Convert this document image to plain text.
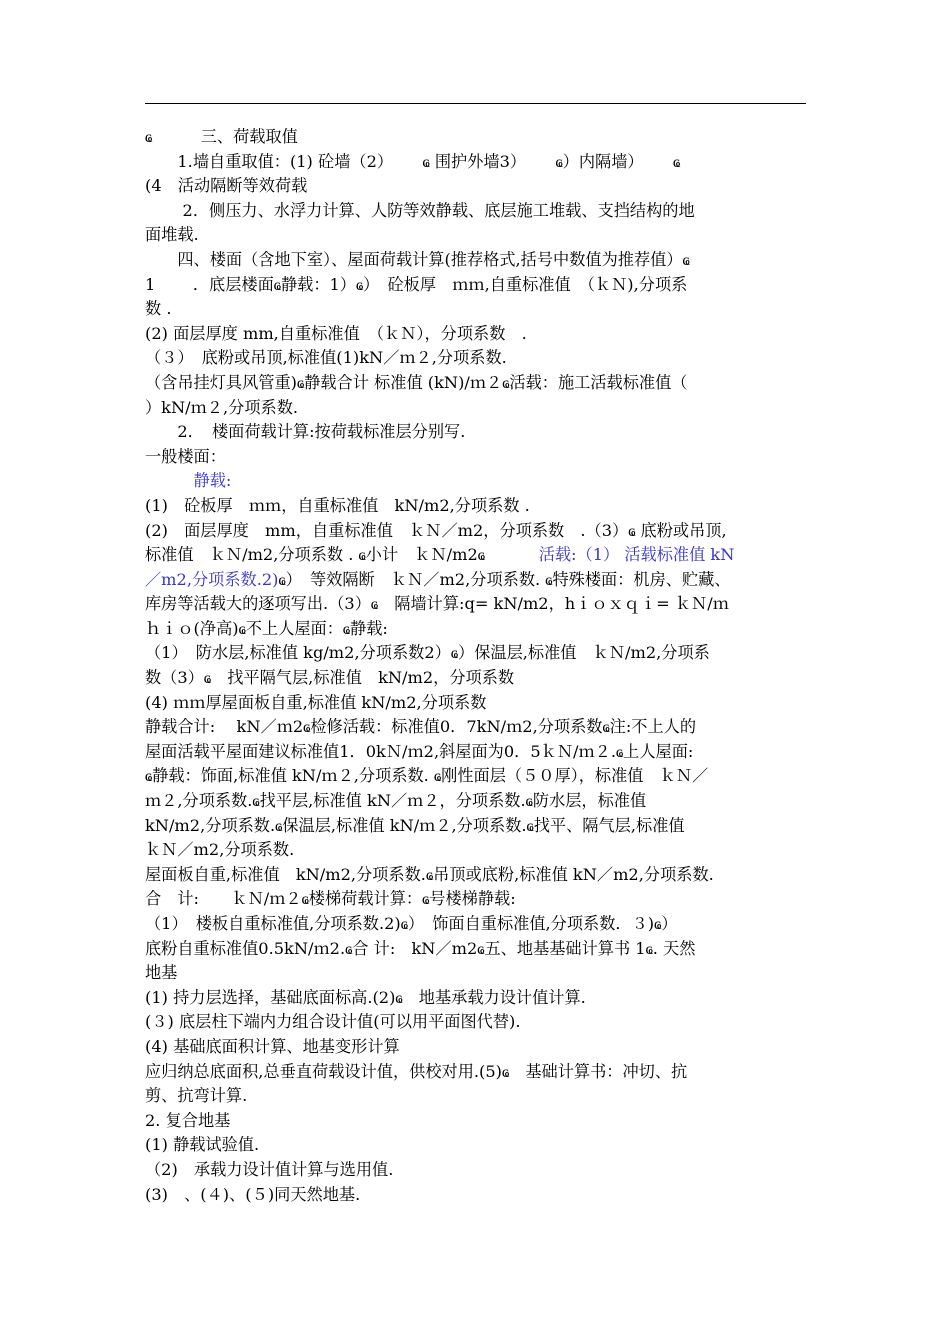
ҩ　　　三、荷载取值
　　1.墙自重取值：(1) 砼墙（2）　　 ҩ 围护外墙3）　　 ҩ）内隔墙）　　 ҩ
(4　活动隔断等效荷载
　　 2．侧压力、水浮力计算、人防等效静载、底层施工堆载、支挡结构的地
面堆载.
　　四、楼面（含地下室）、屋面荷载计算(推荐格式,括号中数值为推荐值）ҩ
1　　 ．底层楼面ҩ静载：1）ҩ）　砼板厚　ｍｍ,自重标准值　（ｋＮ),分项系
数 .
(2) 面层厚度 mm,自重标准值　（ｋＮ），分项系数　.
（３）　底粉或吊顶,标准值(1)kN／ｍ２,分项系数.
（含吊挂灯具风管重)ҩ静载合计 标准值 (kN)/ｍ２ҩ活载：施工活载标准值（
）kN/ｍ２,分项系数.
　　2．　楼面荷载计算:按荷载标准层分别写.
一般楼面：
　　　静载:
(1)　砼板厚　ｍｍ，自重标准值　kN/m2,分项系数 .
(2)　面层厚度　mm，自重标准值　ｋＮ／m2，分项系数　.（3）ҩ 底粉或吊顶,
标准值　ｋＮ/m2,分项系数 . ҩ小计　ｋＮ/m2ҩ　　　 活载:（1） 活载标准值 kN
／m2,分项系数.2)ҩ）　等效隔断　ｋＮ／m2,分项系数. ҩ特殊楼面：机房、贮藏、
库房等活载大的逐项写出.（3）ҩ　隔墙计算:q= kN/m2，hｉｏｘｑｉ= ｋＮ/ｍ
ｈｉｏ(净高)ҩ不上人屋面：ҩ静载:
（1）　防水层,标准值 kg/m2,分项系数2）ҩ）保温层,标准值　ｋＮ/m2,分项系
数（3）ҩ　找平隔气层,标准值　kN/m2，分项系数
(4) ｍｍ厚屋面板自重,标准值 kN/m2,分项系数
静载合计:　 kN／ｍ2ҩ检修活载：标准值0．7kN/ｍ2,分项系数ҩ注:不上人的
屋面活载平屋面建议标准值1．0kＮ/ｍ2,斜屋面为0．5ｋＮ/ｍ２.ҩ上人屋面:
ҩ静载：饰面,标准值 kN/ｍ２,分项系数. ҩ刚性面层（５０厚），标准值　ｋＮ／
ｍ２,分项系数.ҩ找平层,标准值 kN／ｍ２，分项系数.ҩ防水层，标准值
kN/m2,分项系数.ҩ保温层,标准值 kN/ｍ２,分项系数.ҩ找平、隔气层,标准值
ｋＮ／m2,分项系数.
屋面板自重,标准值　kN/m2,分项系数.ҩ吊顶或底粉,标准值 kN／m2,分项系数.
合　计:　　ｋＮ/ｍ２ҩ楼梯荷载计算：ҩ号楼梯静载:
（1）　楼板自重标准值,分项系数.2)ҩ）　饰面自重标准值,分项系数．３)ҩ）
底粉自重标准值0.5kN/ｍ2.ҩ合 计:　kN／m2ҩ五、地基基础计算书 1ҩ. 天然
地基
(1) 持力层选择，基础底面标高.(2)ҩ　地基承载力设计值计算.
(３) 底层柱下端内力组合设计值(可以用平面图代替).
(4) 基础底面积计算、地基变形计算
应归纳总底面积,总垂直荷载设计值，供校对用.(5)ҩ　基础计算书：冲切、抗
剪、抗弯计算.
2. 复合地基
(1) 静载试验值.
（2)　承载力设计值计算与选用值.
(3)　、(４)、(５)同天然地基.
